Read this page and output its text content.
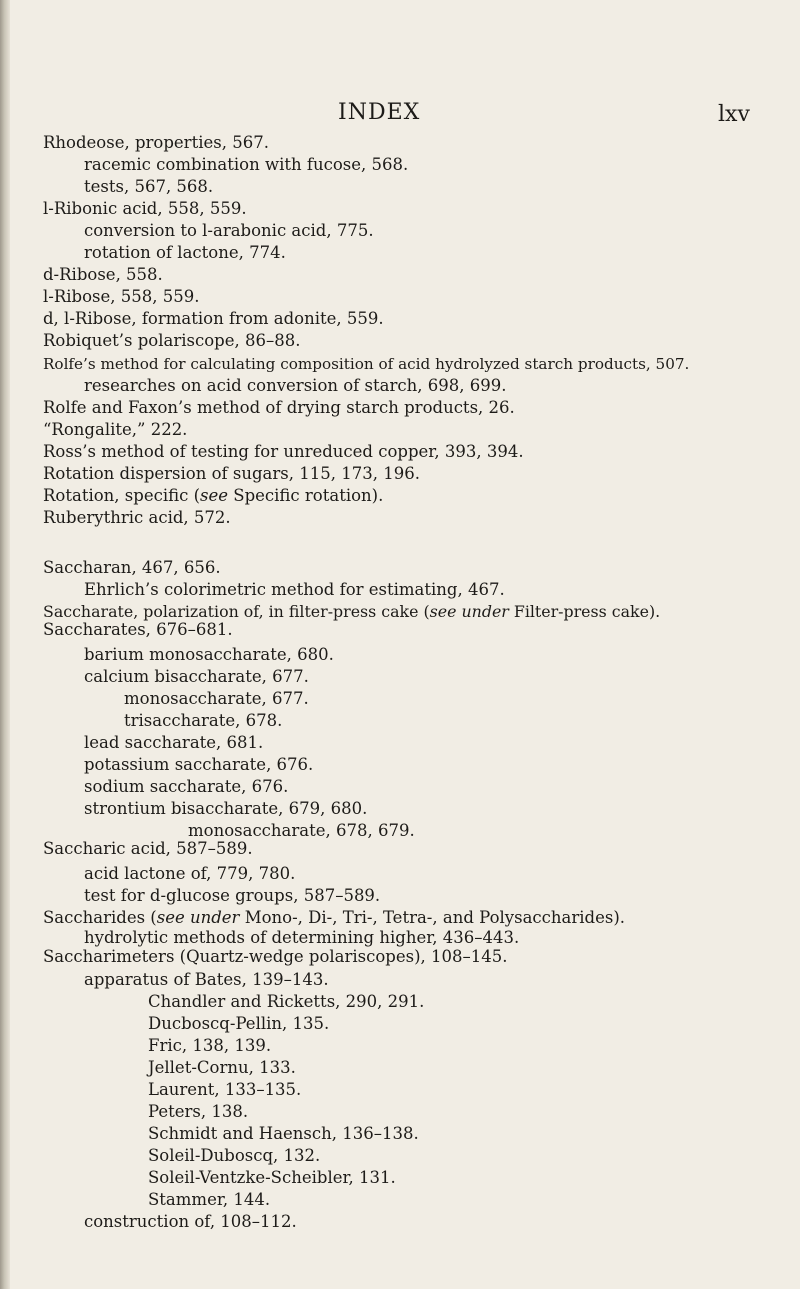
INDEX	lxv
Rhodeose, properties, 567.
racemic combination with fucose, 568.
tests, 567, 568.
l-Ribonic acid, 558, 559.
conversion to l-arabonic acid, 775.
rotation of lactone, 774.
d-Ribose, 558.
l-Ribose, 558, 559.
d, l-Ribose, formation from adonite, 559.
Robiquet’s polariscope, 86–88.
Rolfe’s method for calculating composition of acid hydrolyzed starch products, 507.
researches on acid conversion of starch, 698, 699.
Rolfe and Faxon’s method of drying starch products, 26.
“Rongalite,” 222.
Ross’s method of testing for unreduced copper, 393, 394.
Rotation dispersion of sugars, 115, 173, 196.
Rotation, specific (see Specific rotation).
Ruberythric acid, 572.
Saccharan, 467, 656.
Ehrlich’s colorimetric method for estimating, 467.
Saccharate, polarization of, in filter-press cake (see under Filter-press cake).
Saccharates, 676–681.
barium monosaccharate, 680.
calcium bisaccharate, 677.
monosaccharate, 677.
trisaccharate, 678.
lead saccharate, 681.
potassium saccharate, 676.
sodium saccharate, 676.
strontium bisaccharate, 679, 680.
monosaccharate, 678, 679.
Saccharic acid, 587–589.
acid lactone of, 779, 780.
test for d-glucose groups, 587–589.
Saccharides (see under Mono-, Di-, Tri-, Tetra-, and Polysaccharides).
hydrolytic methods of determining higher, 436–443.
Saccharimeters (Quartz-wedge polariscopes), 108–145.
apparatus of Bates, 139–143.
Chandler and Ricketts, 290, 291.
Ducboscq-Pellin, 135.
Fric, 138, 139.
Jellet-Cornu, 133.
Laurent, 133–135.
Peters, 138.
Schmidt and Haensch, 136–138.
Soleil-Duboscq, 132.
Soleil-Ventzke-Scheibler, 131.
Stammer, 144.
construction of, 108–112.
